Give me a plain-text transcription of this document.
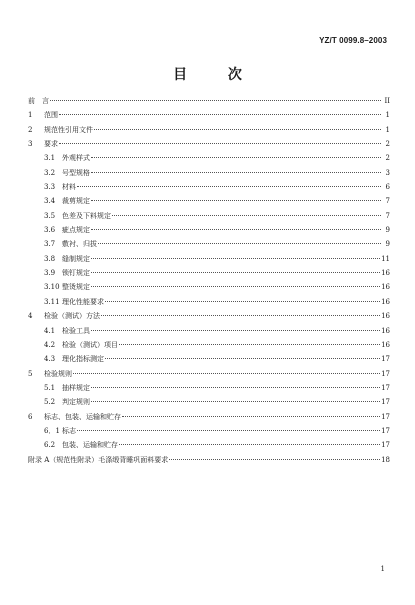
YZ/T 0099.8–2003
目 次
前　言	II
1	范围	1
2	规范性引用文件	1
3	要求	2
3.1 外观样式	2
3.2 号型规格	3
3.3 材料	6
3.4 裁剪规定	7
3.5 色差及下料规定	7
3.6 疵点规定	9
3.7 敷衬、归拔	9
3.8 缝制规定	11
3.9 锁钉规定	16
3.10 整烫规定	16
3.11 理化性能要求	16
4	检验（测试）方法	16
4.1 检验工具	16
4.2 检验（测试）项目	16
4.3 理化指标测定	17
5	检验规则	17
5.1 抽样规定	17
5.2 判定规则	17
6	标志、包装、运输和贮存	17
6．1 标志	17
6.2 包装、运输和贮存	17
附录 A（规范性附录）毛涤缎背睡巩面料要求	18
1
